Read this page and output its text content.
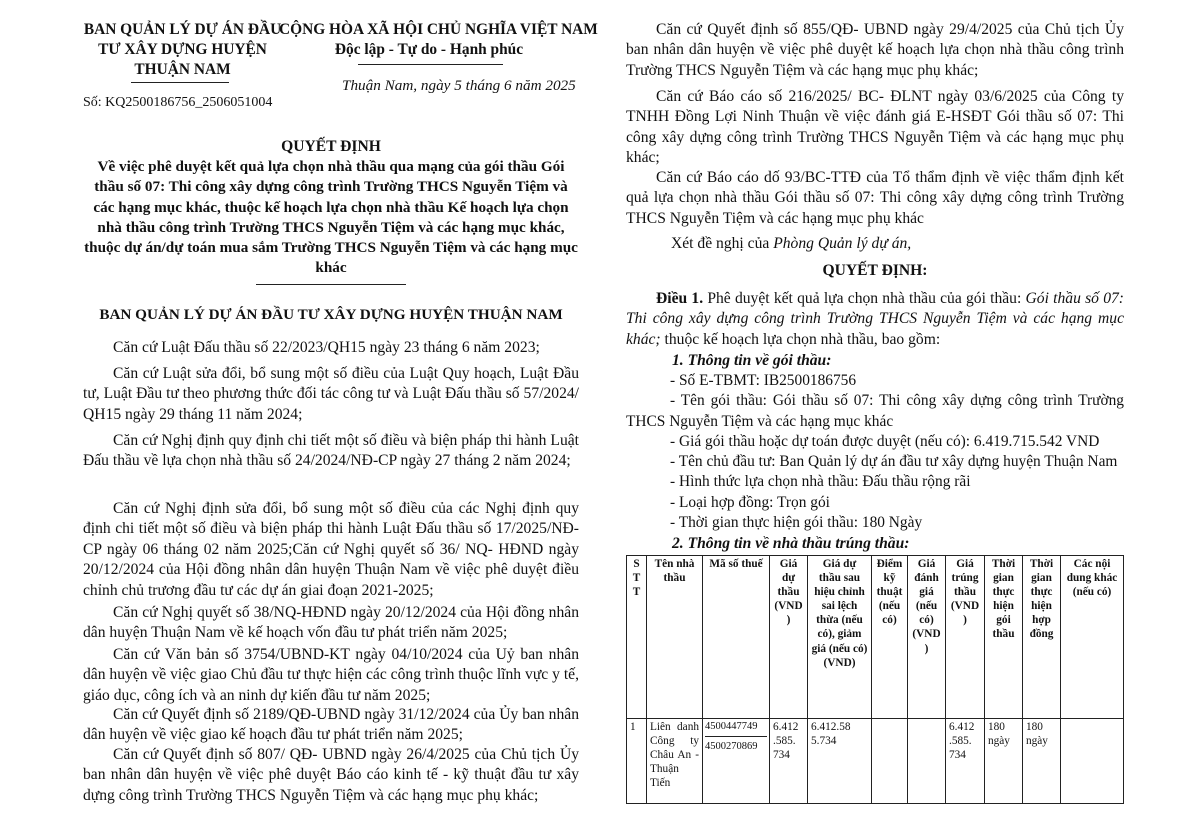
BAN QUẢN LÝ DỰ ÁN ĐẦU
TƯ XÂY DỰNG HUYỆN
THUẬN NAM
Số: KQ2500186756_2506051004
CỘNG HÒA XÃ HỘI CHỦ NGHĨA VIỆT NAM
Độc lập - Tự do - Hạnh phúc
Thuận Nam, ngày 5 tháng 6 năm 2025
QUYẾT ĐỊNH
Về việc phê duyệt kết quả lựa chọn nhà thầu qua mạng của gói thầu Gói thầu số 07: Thi công xây dựng công trình Trường THCS Nguyễn Tiệm và các hạng mục khác, thuộc kế hoạch lựa chọn nhà thầu Kế hoạch lựa chọn nhà thầu công trình Trường THCS Nguyễn Tiệm và các hạng mục khác, thuộc dự án/dự toán mua sắm Trường THCS Nguyễn Tiệm và các hạng mục khác
BAN QUẢN LÝ DỰ ÁN ĐẦU TƯ XÂY DỰNG HUYỆN THUẬN NAM
Căn cứ Luật Đấu thầu số 22/2023/QH15 ngày 23 tháng 6 năm 2023;
Căn cứ Luật sửa đổi, bổ sung một số điều của Luật Quy hoạch, Luật Đầu tư, Luật Đầu tư theo phương thức đối tác công tư và Luật Đấu thầu số 57/2024/ QH15 ngày 29 tháng 11 năm 2024;
Căn cứ Nghị định quy định chi tiết một số điều và biện pháp thi hành Luật Đấu thầu về lựa chọn nhà thầu số 24/2024/NĐ-CP ngày 27 tháng 2 năm 2024;
Căn cứ Nghị định sửa đổi, bổ sung một số điều của các Nghị định quy định chi tiết một số điều và biện pháp thi hành Luật Đấu thầu số 17/2025/NĐ-CP ngày 06 tháng 02 năm 2025;Căn cứ Nghị quyết số 36/ NQ- HĐND ngày 20/12/2024 của Hội đồng nhân dân huyện Thuận Nam về việc phê duyệt điều chỉnh chủ trương đầu tư các dự án giai đoạn 2021-2025;
Căn cứ Nghị quyết số 38/NQ-HĐND ngày 20/12/2024 của Hội đồng nhân dân huyện Thuận Nam về kế hoạch vốn đầu tư phát triển năm 2025;
Căn cứ Văn bản số 3754/UBND-KT ngày 04/10/2024 của Uỷ ban nhân dân huyện về việc giao Chủ đầu tư thực hiện các công trình thuộc lĩnh vực y tế, giáo dục, công ích và an ninh dự kiến đầu tư năm 2025;
Căn cứ Quyết định số 2189/QĐ-UBND ngày 31/12/2024 của Ủy ban nhân dân huyện về việc giao kế hoạch đầu tư phát triển năm 2025;
Căn cứ Quyết định số 807/ QĐ- UBND ngày 26/4/2025 của Chủ tịch Ủy ban nhân dân huyện về việc phê duyệt Báo cáo kinh tế - kỹ thuật đầu tư xây dựng công trình Trường THCS Nguyễn Tiệm và các hạng mục phụ khác;
Căn cứ Quyết định số 855/QĐ- UBND ngày 29/4/2025 của Chủ tịch Ủy ban nhân dân huyện về việc phê duyệt kế hoạch lựa chọn nhà thầu công trình Trường THCS Nguyễn Tiệm và các hạng mục phụ khác;
Căn cứ Báo cáo số 216/2025/ BC- ĐLNT ngày 03/6/2025 của Công ty TNHH Đồng Lợi Ninh Thuận về việc đánh giá E-HSĐT Gói thầu số 07: Thi công xây dựng công trình Trường THCS Nguyễn Tiệm và các hạng mục phụ khác;
Căn cứ Báo cáo dố 93/BC-TTĐ của Tổ thẩm định về việc thẩm định kết quả lựa chọn nhà thầu Gói thầu số 07: Thi công xây dựng công trình Trường THCS Nguyễn Tiệm và các hạng mục phụ khác
Xét đề nghị của Phòng Quản lý dự án,
QUYẾT ĐỊNH:
Điều 1. Phê duyệt kết quả lựa chọn nhà thầu của gói thầu: Gói thầu số 07: Thi công xây dựng công trình Trường THCS Nguyễn Tiệm và các hạng mục khác; thuộc kế hoạch lựa chọn nhà thầu, bao gồm:
1. Thông tin về gói thầu:
- Số E-TBMT: IB2500186756
- Tên gói thầu: Gói thầu số 07: Thi công xây dựng công trình Trường THCS Nguyễn Tiệm và các hạng mục khác
- Giá gói thầu hoặc dự toán được duyệt (nếu có): 6.419.715.542 VND
- Tên chủ đầu tư: Ban Quản lý dự án đầu tư xây dựng huyện Thuận Nam
- Hình thức lựa chọn nhà thầu: Đấu thầu rộng rãi
- Loại hợp đồng: Trọn gói
- Thời gian thực hiện gói thầu: 180 Ngày
2. Thông tin về nhà thầu trúng thầu:
S T T	Tên nhà thầu	Mã số thuế	Giá dự thầu (VND )	Giá dự thầu sau hiệu chỉnh sai lệch thừa (nếu có), giảm giá (nếu có) (VND)	Điểm kỹ thuật (nếu có)	Giá đánh giá (nếu có) (VND )	Giá trúng thầu (VND )	Thời gian thực hiện gói thầu	Thời gian thực hiện hợp đồng	Các nội dung khác (nếu có)
1	Liên danh Công ty Châu An - Thuận Tiến	4500447749
4500270869	6.412 .585. 734	6.412.58 5.734			6.412 .585. 734	180 ngày	180 ngày	
